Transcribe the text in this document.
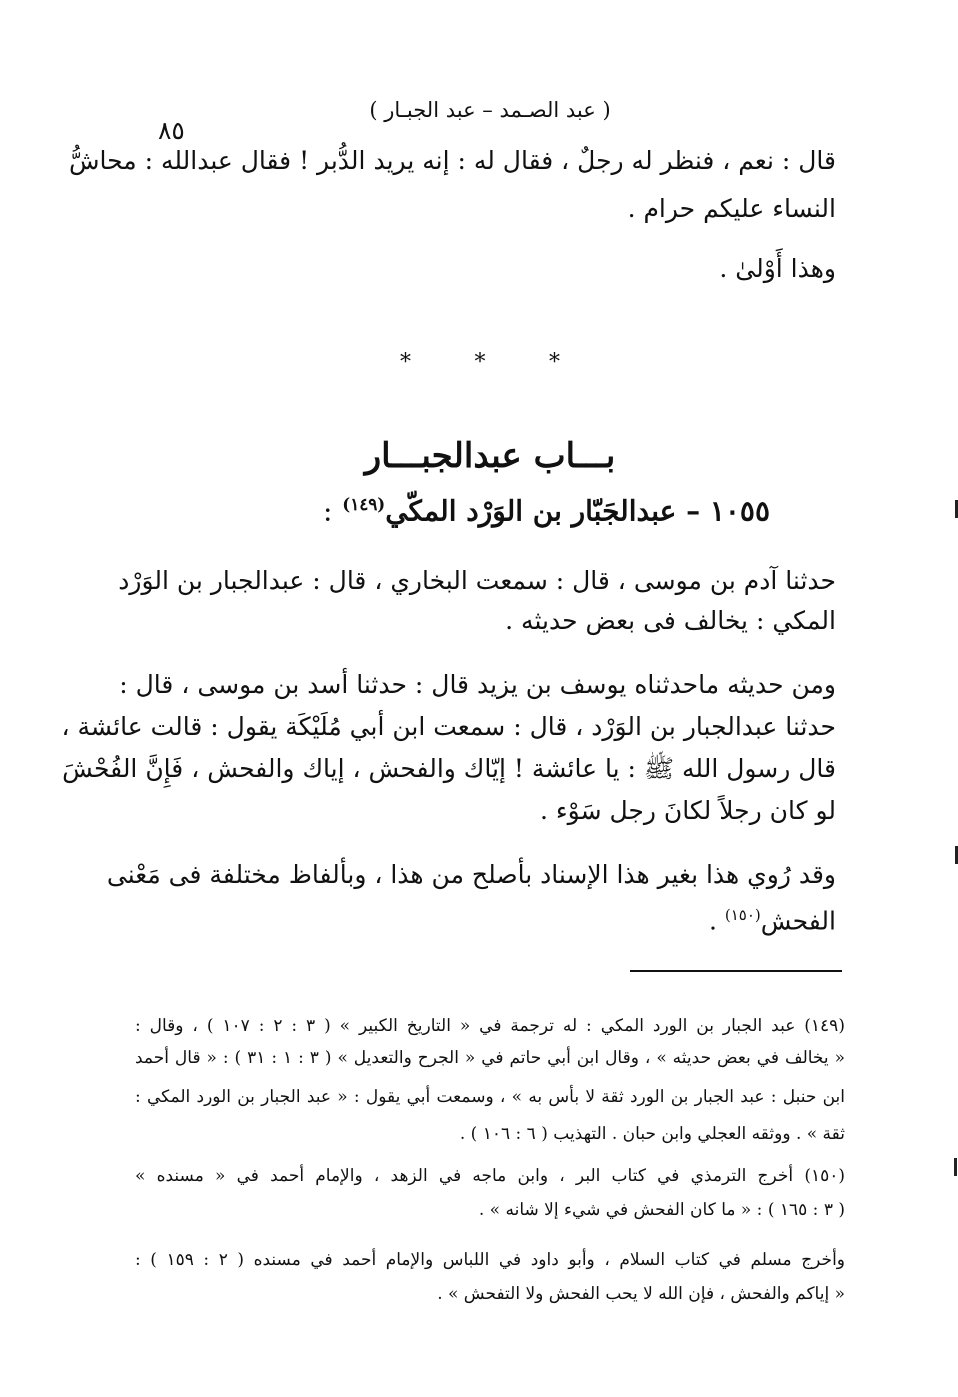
( عبد الصـمد – عبد الجبـار )
٨٥
قال : نعم ، فنظر له رجلٌ ، فقال له : إنه يريد الدُّبر ! فقال عبدالله : محاشُّ
النساء عليكم حرام .
وهذا أَوْلىٰ .
*	*	*
بـــاب عبدالجبـــار
١٠٥٥ – عبدالجَبّار بن الوَرْد المكّي$^{(١٤٩)}$ :
حدثنا آدم بن موسى ، قال : سمعت البخاري ، قال : عبدالجبار بن الوَرْد
المكي : يخالف فى بعض حديثه .
ومن حديثه ماحدثناه يوسف بن يزيد قال : حدثنا أسد بن موسى ، قال :
حدثنا عبدالجبار بن الوَرْد ، قال : سمعت ابن أبي مُلَيْكَة يقول : قالت عائشة ،
قال رسول الله ﷺ : يا عائشة ! إيّاك والفحش ، إياك والفحش ، فَإِنَّ الفُحْشَ
لو كان رجلاً لكانَ رجل سَوْء .
وقد رُوي هذا بغير هذا الإسناد بأصلح من هذا ، وبألفاظ مختلفة فى مَعْنى
الفحش$^{(١٥٠)}$ .
(١٤٩) عبد الجبار بن الورد المكي : له ترجمة في « التاريخ الكبير » ( ٣ : ٢ : ١٠٧ ) ، وقال :
« يخالف في بعض حديثه » ، وقال ابن أبي حاتم في « الجرح والتعديل » ( ٣ : ١ : ٣١ ) : « قال أحمد
ابن حنبل : عبد الجبار بن الورد ثقة لا بأس به » ، وسمعت أبي يقول : « عبد الجبار بن الورد المكي :
ثقة » . ووثقه العجلي وابن حبان . التهذيب ( ٦ : ١٠٦ ) .
(١٥٠) أخرج الترمذي في كتاب البر ، وابن ماجه في الزهد ، والإمام أحمد في « مسنده »
( ٣ : ١٦٥ ) : « ما كان الفحش في شيء إلا شانه » .
وأخرج مسلم في كتاب السلام ، وأبو داود في اللباس والإمام أحمد في مسنده ( ٢ : ١٥٩ ) :
« إياكم والفحش ، فإن الله لا يحب الفحش ولا التفحش » .
